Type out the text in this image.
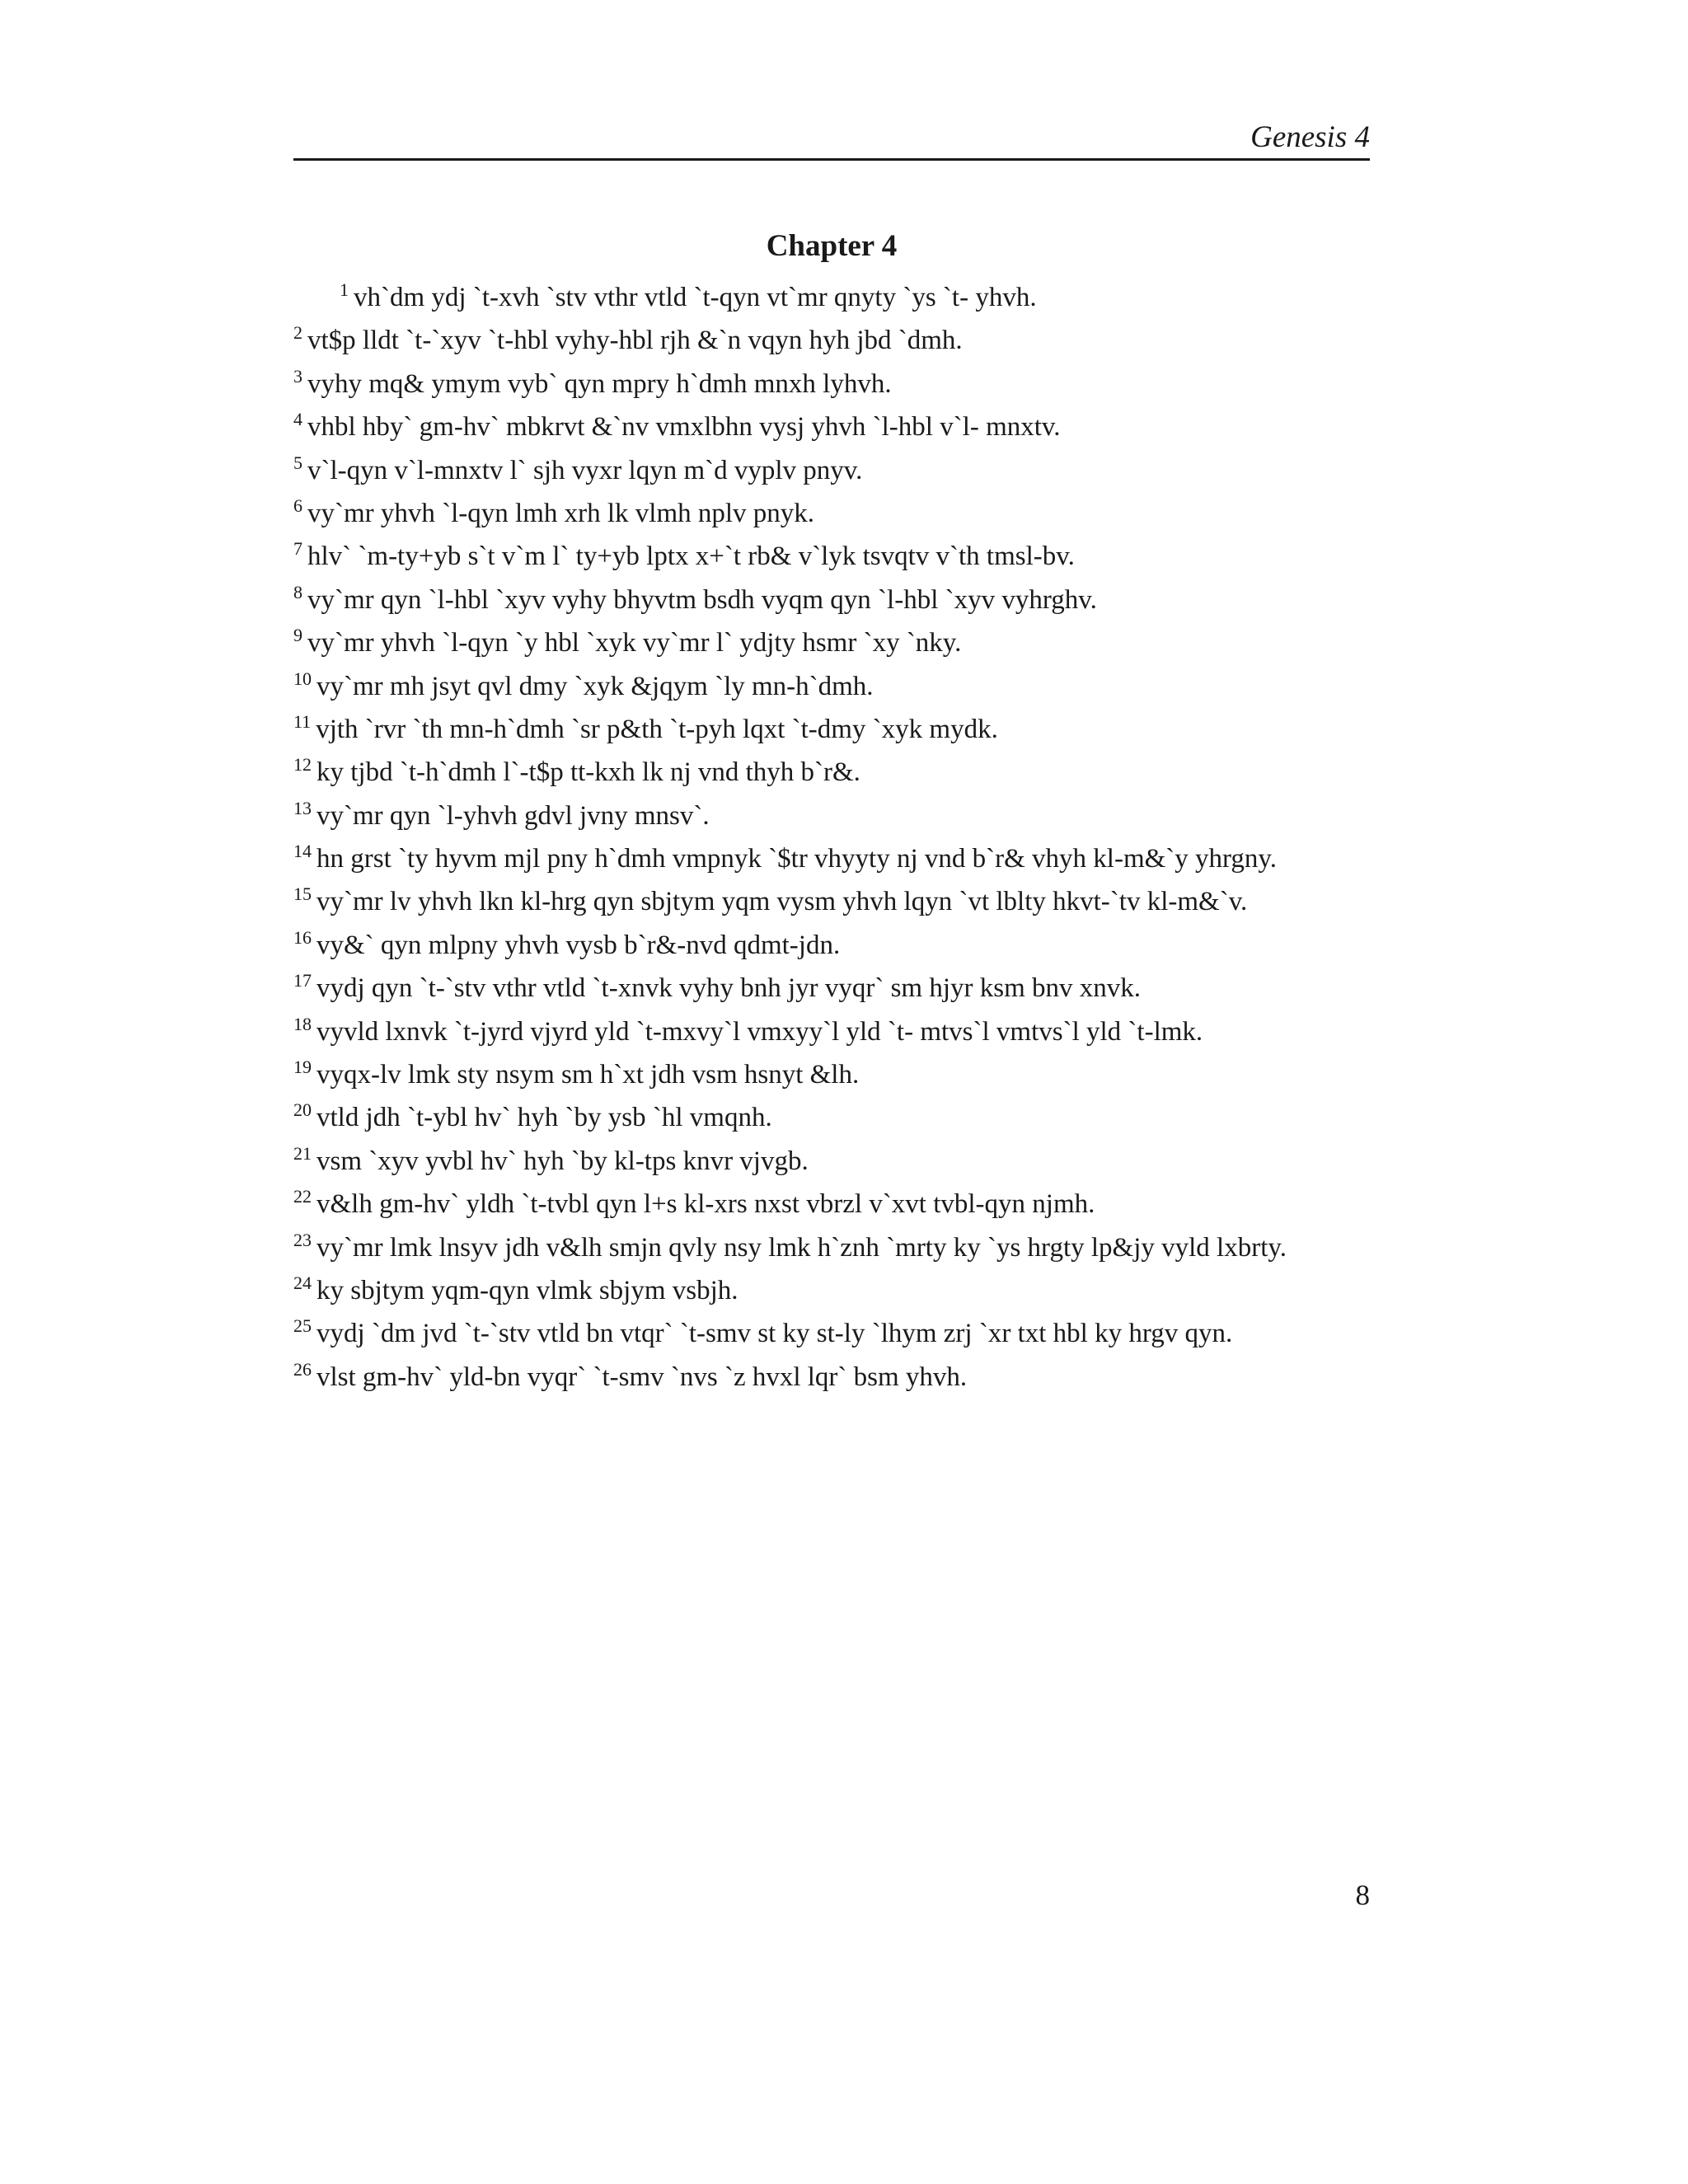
Genesis 4
Chapter 4
$^1$ vh`dm ydj `t-xvh `stv vthr vtld `t-qyn vt`mr qnyty `ys `t- yhvh.
$^2$ vt$p lldt `t-`xyv `t-hbl vyhy-hbl rjh &`n vqyn hyh jbd `dmh.
$^3$ vyhy mq& ymym vyb` qyn mpry h`dmh mnxh lyhvh.
$^4$ vhbl hby` gm-hv` mbkrvt &`nv vmxlbhn vysj yhvh `l-hbl v`l- mnxtv.
$^5$ v`l-qyn v`l-mnxtv l` sjh vyxr lqyn m`d vyplv pnyv.
$^6$ vy`mr yhvh `l-qyn lmh xrh lk vlmh nplv pnyk.
$^7$ hlv` `m-ty+yb s`t v`m l` ty+yb lptx x+`t rb& v`lyk tsvqtv v`th tmsl-bv.
$^8$ vy`mr qyn `l-hbl `xyv vyhy bhyvtm bsdh vyqm qyn `l-hbl `xyv vyhrghv.
$^9$ vy`mr yhvh `l-qyn `y hbl `xyk vy`mr l` ydjty hsmr `xy `nky.
$^{10}$ vy`mr mh jsyt qvl dmy `xyk &jqym `ly mn-h`dmh.
$^{11}$ vjth `rvr `th mn-h`dmh `sr p&th `t-pyh lqxt `t-dmy `xyk mydk.
$^{12}$ ky tjbd `t-h`dmh l`-t$p tt-kxh lk nj vnd thyh b`r&.
$^{13}$ vy`mr qyn `l-yhvh gdvl jvny mnsv`.
$^{14}$ hn grst `ty hyvm mjl pny h`dmh vmpnyk `$tr vhyyty nj vnd b`r& vhyh kl-m&`y yhrgny.
$^{15}$ vy`mr lv yhvh lkn kl-hrg qyn sbjtym yqm vysm yhvh lqyn `vt lblty hkvt-`tv kl-m&`v.
$^{16}$ vy&` qyn mlpny yhvh vysb b`r&-nvd qdmt-jdn.
$^{17}$ vydj qyn `t-`stv vthr vtld `t-xnvk vyhy bnh jyr vyqr` sm hjyr ksm bnv xnvk.
$^{18}$ vyvld lxnvk `t-jyrd vjyrd yld `t-mxvy`l vmxyy`l yld `t- mtvs`l vmtvs`l yld `t-lmk.
$^{19}$ vyqx-lv lmk sty nsym sm h`xt jdh vsm hsnyt &lh.
$^{20}$ vtld jdh `t-ybl hv` hyh `by ysb `hl vmqnh.
$^{21}$ vsm `xyv yvbl hv` hyh `by kl-tps knvr vjvgb.
$^{22}$ v&lh gm-hv` yldh `t-tvbl qyn l+s kl-xrs nxst vbrzl v`xvt tvbl-qyn njmh.
$^{23}$ vy`mr lmk lnsyv jdh v&lh smjn qvly nsy lmk h`znh `mrty ky `ys hrgty lp&jy vyld lxbrty.
$^{24}$ ky sbjtym yqm-qyn vlmk sbjym vsbjh.
$^{25}$ vydj `dm jvd `t-`stv vtld bn vtqr` `t-smv st ky st-ly `lhym zrj `xr txt hbl ky hrgv qyn.
$^{26}$ vlst gm-hv` yld-bn vyqr` `t-smv `nvs `z hvxl lqr` bsm yhvh.
8
